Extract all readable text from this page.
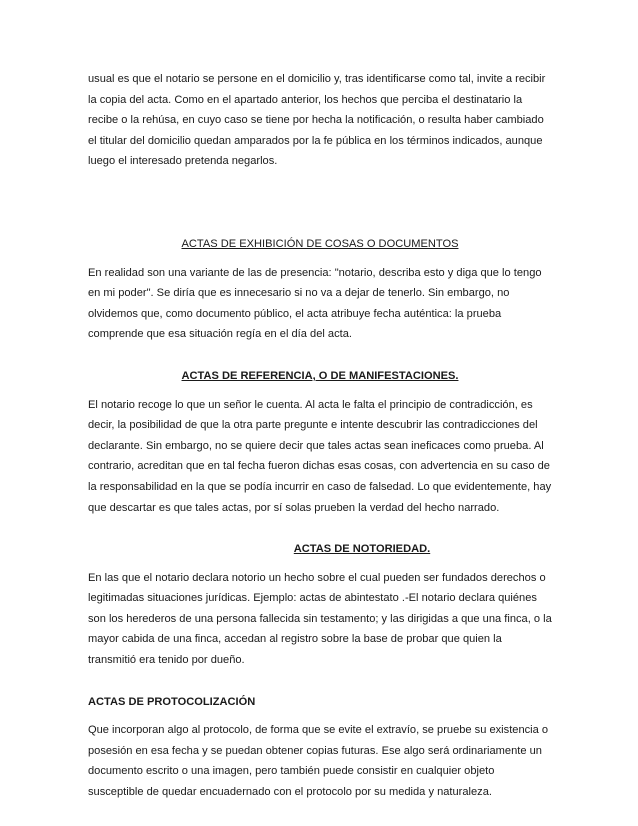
usual es que el notario se persone en el domicilio y, tras identificarse como tal, invite a recibir la copia del acta. Como en el apartado anterior, los hechos que perciba el destinatario la recibe o la rehúsa, en cuyo caso se tiene por hecha la notificación, o resulta haber cambiado el titular del domicilio quedan amparados por la fe pública en los términos indicados, aunque luego el interesado pretenda negarlos.

ACTAS DE EXHIBICIÓN DE COSAS O DOCUMENTOS

En realidad son una variante de las de presencia: "notario, describa esto y diga que lo tengo en mi poder". Se diría que es innecesario si no va a dejar de tenerlo. Sin embargo, no olvidemos que, como documento público, el acta atribuye fecha auténtica: la prueba comprende que esa situación regía en el día del acta.

ACTAS DE REFERENCIA, O DE MANIFESTACIONES.

El notario recoge lo que un señor le cuenta. Al acta le falta el principio de contradicción, es decir, la posibilidad de que la otra parte pregunte e intente descubrir las contradicciones del declarante. Sin embargo, no se quiere decir que tales actas sean ineficaces como prueba. Al contrario, acreditan que en tal fecha fueron dichas esas cosas, con advertencia en su caso de la responsabilidad en la que se podía incurrir en caso de falsedad. Lo que evidentemente, hay que descartar es que tales actas, por sí solas prueben la verdad del hecho narrado.

ACTAS DE NOTORIEDAD.

En las que el notario declara notorio un hecho sobre el cual pueden ser fundados derechos o legitimadas situaciones jurídicas. Ejemplo: actas de abintestato .-El notario declara quiénes son los herederos de una persona fallecida sin testamento; y las dirigidas a que una finca, o la mayor cabida de una finca, accedan al registro sobre la base de probar que quien la transmitió era tenido por dueño.

ACTAS DE PROTOCOLIZACIÓN

Que incorporan algo al protocolo, de forma que se evite el extravío, se pruebe su existencia o posesión en esa fecha y se puedan obtener copias futuras. Ese algo será ordinariamente un documento escrito o una imagen, pero también puede consistir en cualquier objeto susceptible de quedar encuadernado con el protocolo por su medida y naturaleza.
